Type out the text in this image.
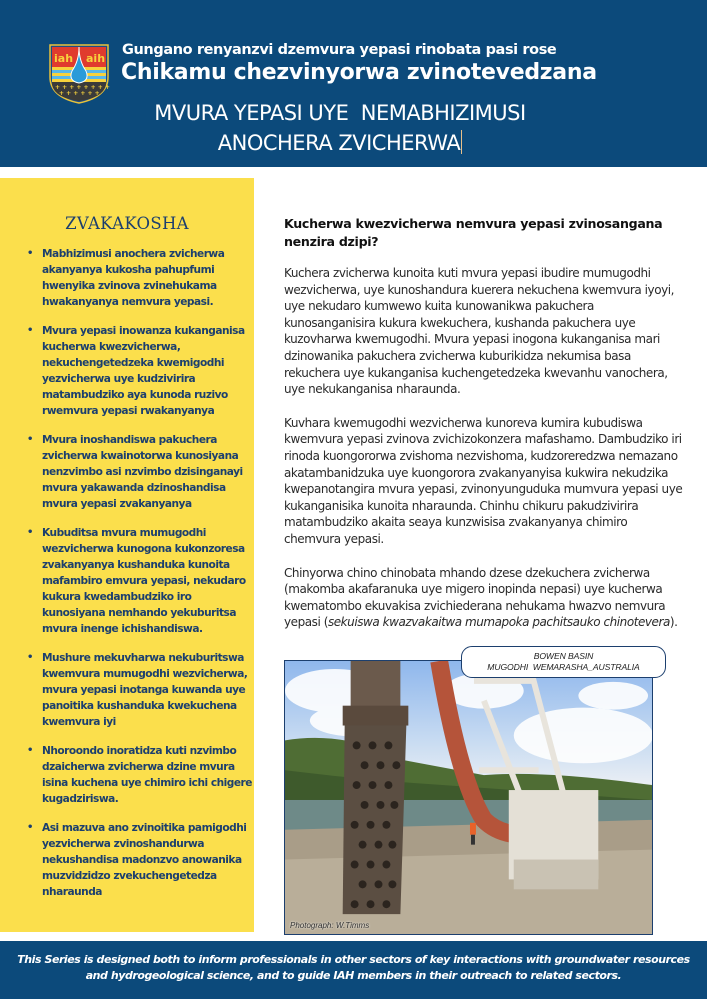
+ + + + + + + +
+ + + + + +
iah aih
Gungano renyanzvi dzemvura yepasi rinobata pasi rose
Chikamu chezvinyorwa zvinotevedzana
MVURA YEPASI UYE  NEMABHIZIMUSI
ANOCHERA ZVICHERWA
ZVAKAKOSHA
• Mabhizimusi anochera zvicherwa akanyanya kukosha pahupfumi hwenyika zvinova zvinehukama hwakanyanya nemvura yepasi.
• Mvura yepasi inowanza kukanganisa kucherwa kwezvicherwa, nekuchengetedzeka kwemigodhi yezvicherwa uye kudzivirira matambudziko aya kunoda ruzivo rwemvura yepasi rwakanyanya
• Mvura inoshandiswa pakuchera zvicherwa kwainotorwa kunosiyana nenzvimbo asi nzvimbo dzisinganayi mvura yakawanda dzinoshandisa mvura yepasi zvakanyanya
• Kubuditsa mvura mumugodhi wezvicherwa kunogona kukonzoresa zvakanyanya kushanduka kunoita mafambiro emvura yepasi, nekudaro kukura kwedambudziko iro kunosiyana nemhando yekuburitsa mvura inenge ichishandiswa.
• Mushure mekuvharwa nekuburitswa kwemvura mumugodhi wezvicherwa, mvura yepasi inotanga kuwanda uye panoitika kushanduka kwekuchena kwemvura iyi
• Nhoroondo inoratidza kuti nzvimbo dzaicherwa zvicherwa dzine mvura isina kuchena uye chimiro ichi chigere kugadziriswa.
• Asi mazuva ano zvinoitika pamigodhi yezvicherwa zvinoshandurwa nekushandisa madonzvo anowanika muzvidzidzo zvekuchengetedza nharaunda
Kucherwa kwezvicherwa nemvura yepasi zvinosangana nenzira dzipi?

Kuchera zvicherwa kunoita kuti mvura yepasi ibudire mumugodhi wezvicherwa, uye kunoshandura kuerera nekuchena kwemvura iyoyi, uye nekudaro kumwewo kuita kunowanikwa pakuchera kunosanganisira kukura kwekuchera, kushanda pakuchera uye kuzovharwa kwemugodhi. Mvura yepasi inogona kukanganisa mari dzinowanika pakuchera zvicherwa kuburikidza nekumisa basa rekuchera uye kukanganisa kuchengetedzeka kwevanhu vanochera, uye nekukanganisa nharaunda.

Kuvhara kwemugodhi wezvicherwa kunoreva kumira kubudiswa kwemvura yepasi zvinova zvichizokonzera mafashamo. Dambudziko iri rinoda kuongororwa zvishoma nezvishoma, kudzoreredzwa nemazano akatambanidzuka uye kuongorora zvakanyanyisa kukwira nekudzika kwepanotangira mvura yepasi, zvinonyunguduka mumvura yepasi uye kukanganisika kunoita nharaunda. Chinhu chikuru pakudzivirira matambudziko akaita seaya kunzwisisa zvakanyanya chimiro chemvura yepasi.

Chinyorwa chino chinobata mhando dzese dzekuchera zvicherwa (makomba akafaranuka uye migero inopinda nepasi) uye kucherwa kwematombo ekuvakisa zvichiederana nehukama hwazvo nemvura yepasi (sekuiswa kwazvakaitwa mumapoka pachitsauko chinotevera).

Photograph: W.Timms
BOWEN BASIN
MUGODHI  WEMARASHA_AUSTRALIA
This Series is designed both to inform professionals in other sectors of key interactions with groundwater resources and hydrogeological science, and to guide IAH members in their outreach to related sectors.
